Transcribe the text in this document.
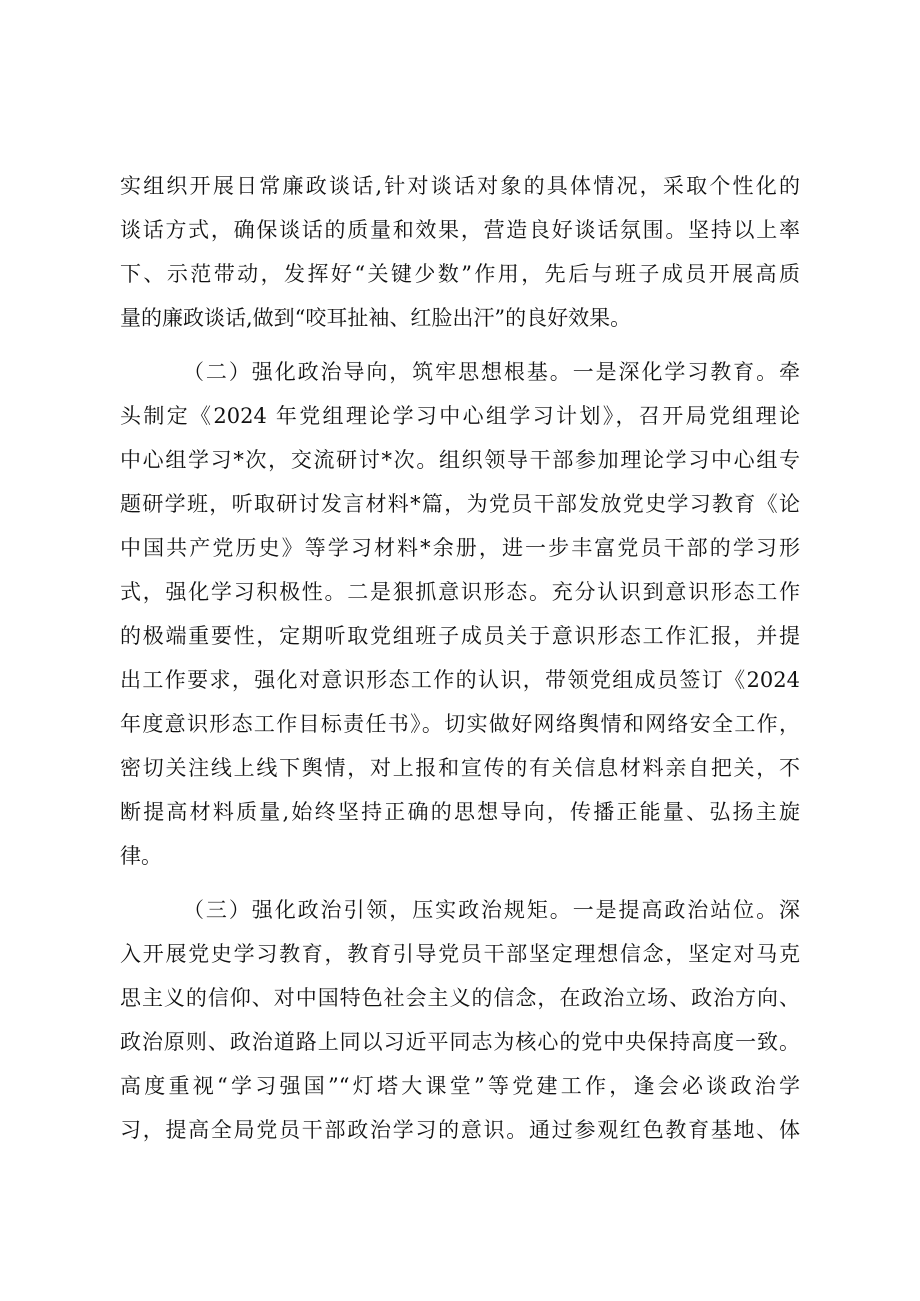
实组织开展日常廉政谈话,针对谈话对象的具体情况，采取个性化的
谈话方式，确保谈话的质量和效果，营造良好谈话氛围。坚持以上率
下、示范带动，发挥好“关键少数”作用，先后与班子成员开展高质
量的廉政谈话,做到“咬耳扯袖、红脸出汗”的良好效果。
（二）强化政治导向，筑牢思想根基。一是深化学习教育。牵
头制定《2024 年党组理论学习中心组学习计划》，召开局党组理论
中心组学习*次，交流研讨*次。组织领导干部参加理论学习中心组专
题研学班，听取研讨发言材料*篇，为党员干部发放党史学习教育《论
中国共产党历史》等学习材料*余册，进一步丰富党员干部的学习形
式，强化学习积极性。二是狠抓意识形态。充分认识到意识形态工作
的极端重要性，定期听取党组班子成员关于意识形态工作汇报，并提
出工作要求，强化对意识形态工作的认识，带领党组成员签订《2024
年度意识形态工作目标责任书》。切实做好网络舆情和网络安全工作，
密切关注线上线下舆情，对上报和宣传的有关信息材料亲自把关，不
断提高材料质量,始终坚持正确的思想导向，传播正能量、弘扬主旋
律。
（三）强化政治引领，压实政治规矩。一是提高政治站位。深
入开展党史学习教育，教育引导党员干部坚定理想信念，坚定对马克
思主义的信仰、对中国特色社会主义的信念，在政治立场、政治方向、
政治原则、政治道路上同以习近平同志为核心的党中央保持高度一致。
高度重视“学习强国”“灯塔大课堂”等党建工作，逢会必谈政治学
习，提高全局党员干部政治学习的意识。通过参观红色教育基地、体
